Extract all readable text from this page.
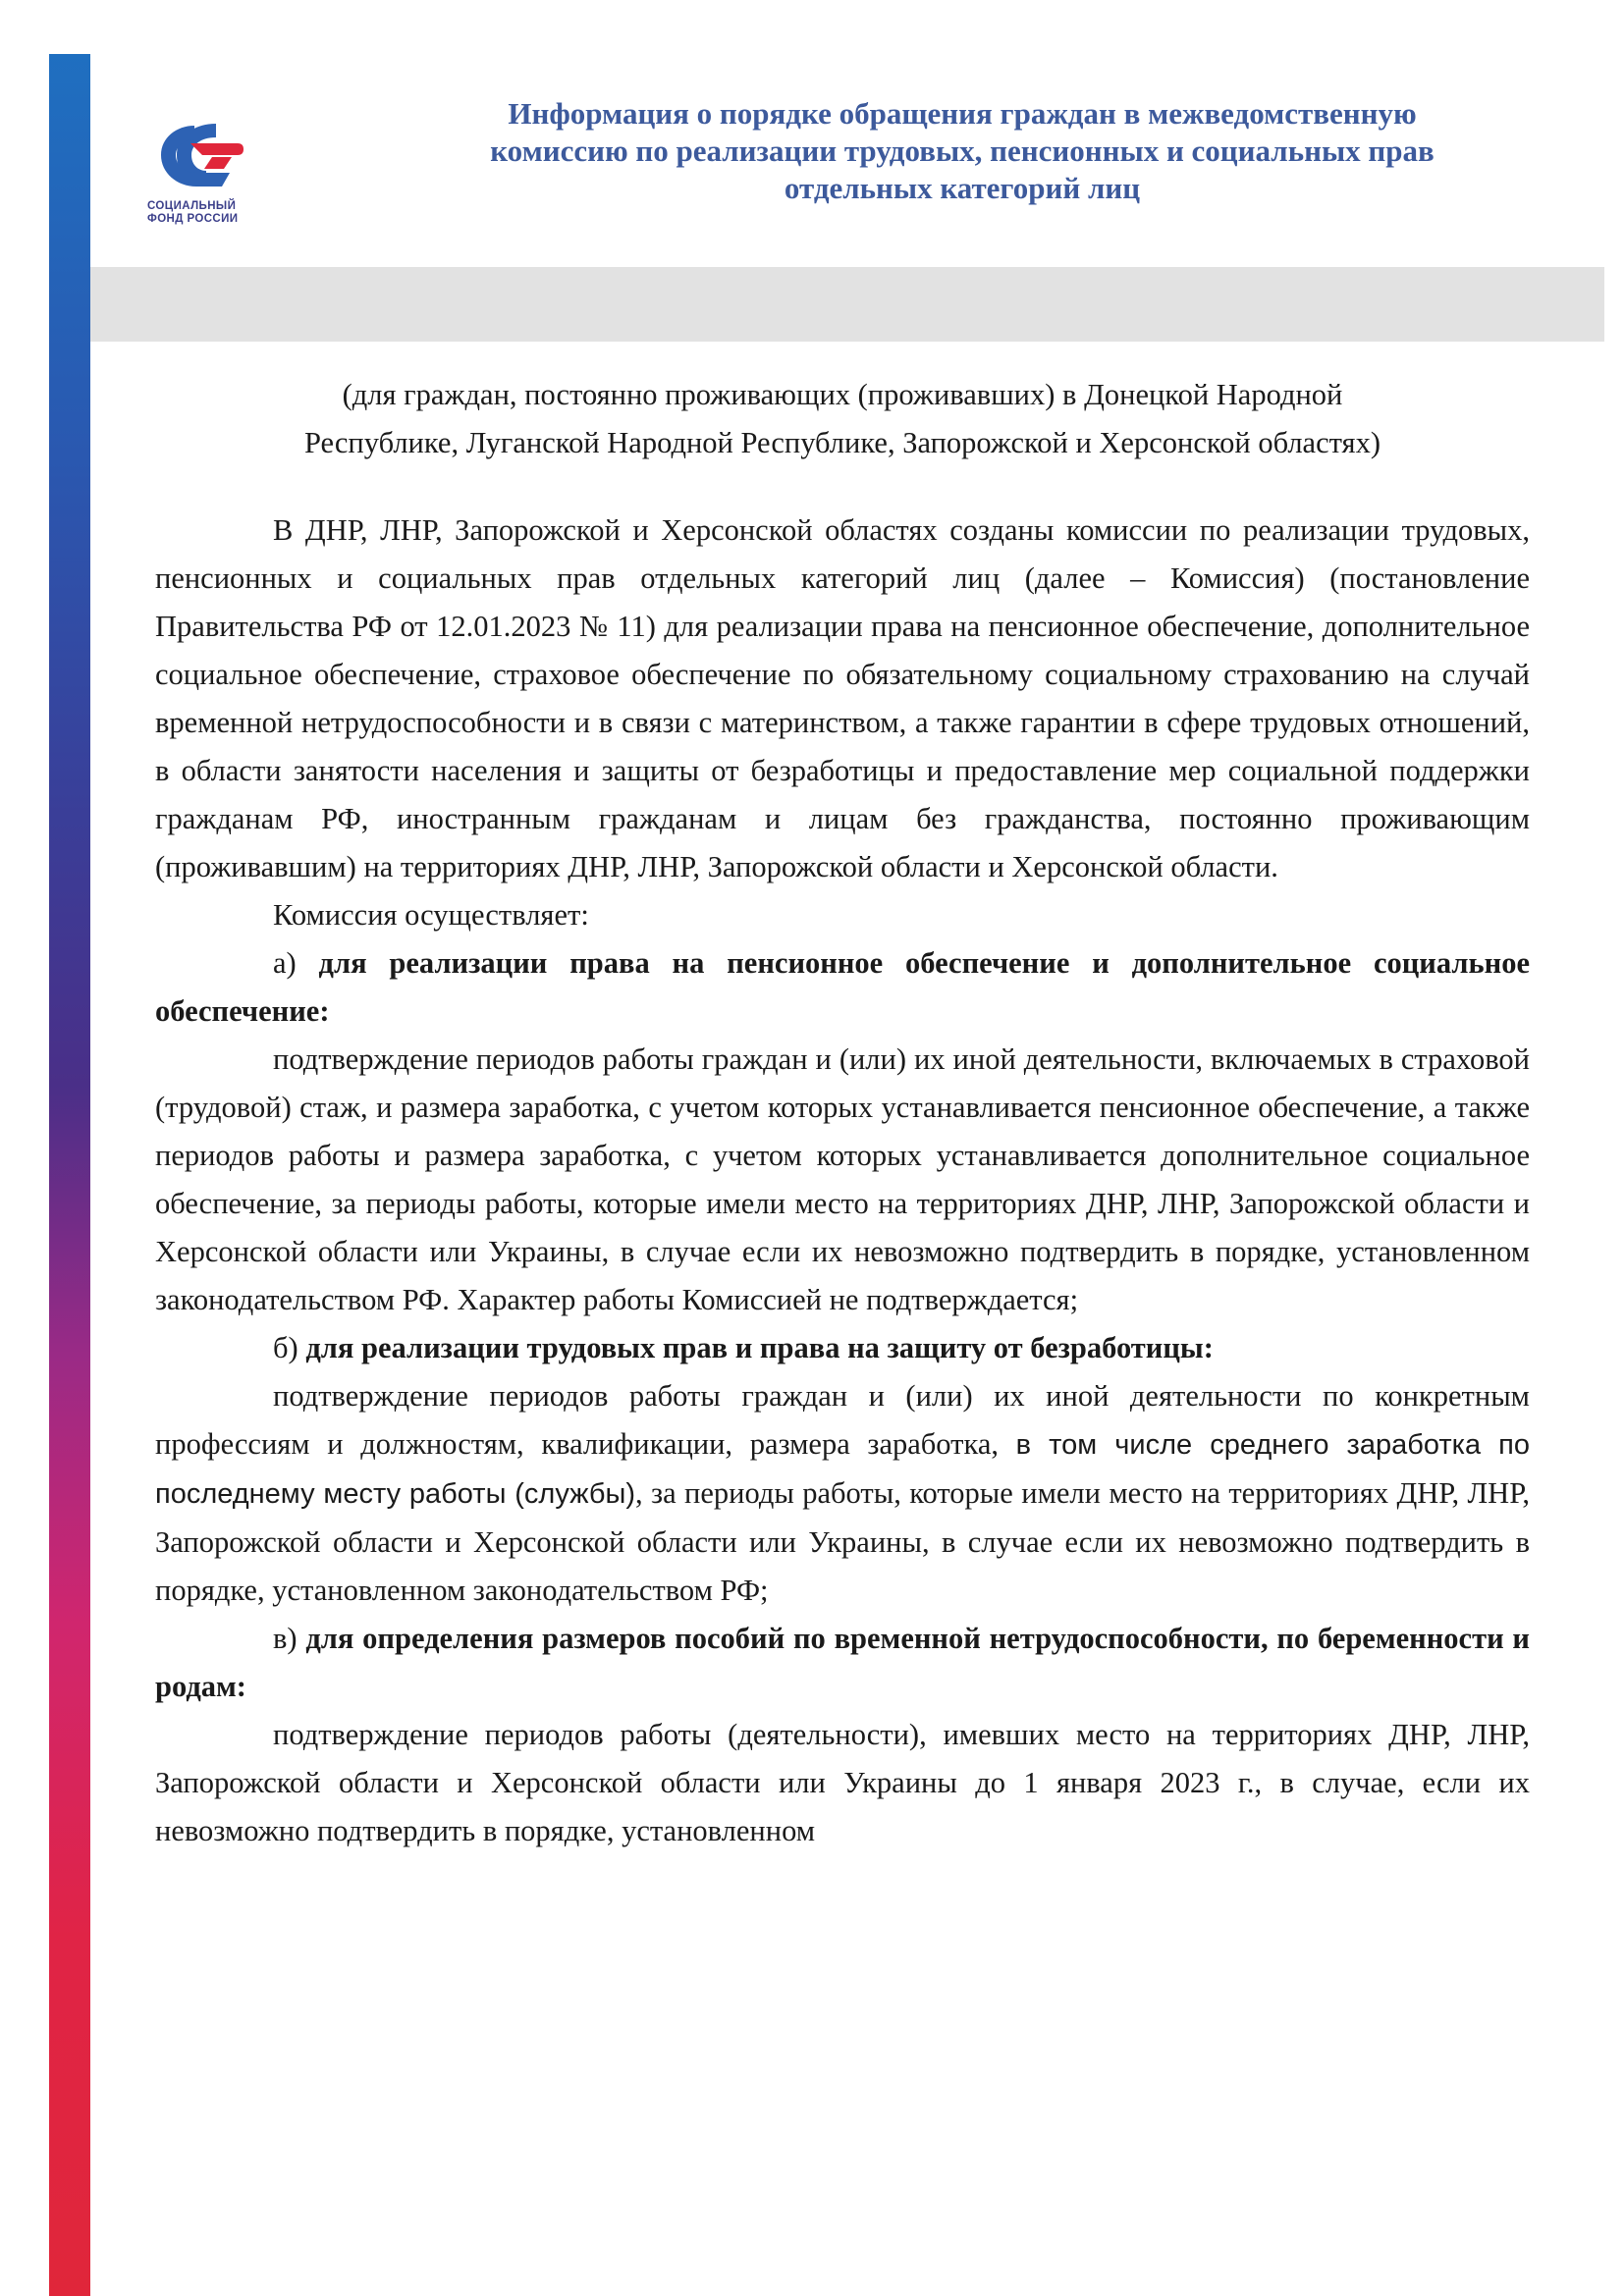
СОЦИАЛЬНЫЙ
ФОНД РОССИИ
Информация о порядке обращения граждан в межведомственную
комиссию по реализации трудовых, пенсионных и социальных прав
отдельных категорий лиц

(для граждан, постоянно проживающих (проживавших) в Донецкой Народной
Республике, Луганской Народной Республике, Запорожской и Херсонской областях)

В ДНР, ЛНР, Запорожской и Херсонской областях созданы комиссии по реализации трудовых, пенсионных и социальных прав отдельных категорий лиц (далее – Комиссия) (постановление Правительства РФ от 12.01.2023 № 11) для реализации права на пенсионное обеспечение, дополнительное социальное обеспечение, страховое обеспечение по обязательному социальному страхованию на случай временной нетрудоспособности и в связи с материнством, а также гарантии в сфере трудовых отношений, в области занятости населения и защиты от безработицы и предоставление мер социальной поддержки гражданам РФ, иностранным гражданам и лицам без гражданства, постоянно проживающим (проживавшим) на территориях ДНР, ЛНР, Запорожской области и Херсонской области.

Комиссия осуществляет:

а) для реализации права на пенсионное обеспечение и дополнительное социальное обеспечение:

подтверждение периодов работы граждан и (или) их иной деятельности, включаемых в страховой (трудовой) стаж, и размера заработка, с учетом которых устанавливается пенсионное обеспечение, а также периодов работы и размера заработка, с учетом которых устанавливается дополнительное социальное обеспечение, за периоды работы, которые имели место на территориях ДНР, ЛНР, Запорожской области и Херсонской области или Украины, в случае если их невозможно подтвердить в порядке, установленном законодательством РФ. Характер работы Комиссией не подтверждается;

б) для реализации трудовых прав и права на защиту от безработицы:

подтверждение периодов работы граждан и (или) их иной деятельности по конкретным профессиям и должностям, квалификации, размера заработка, в том числе среднего заработка по последнему месту работы (службы), за периоды работы, которые имели место на территориях ДНР, ЛНР, Запорожской области и Херсонской области или Украины, в случае если их невозможно подтвердить в порядке, установленном законодательством РФ;

в) для определения размеров пособий по временной нетрудоспособности, по беременности и родам:

подтверждение периодов работы (деятельности), имевших место на территориях ДНР, ЛНР, Запорожской области и Херсонской области или Украины до 1 января 2023 г., в случае, если их невозможно подтвердить в порядке, установленном
